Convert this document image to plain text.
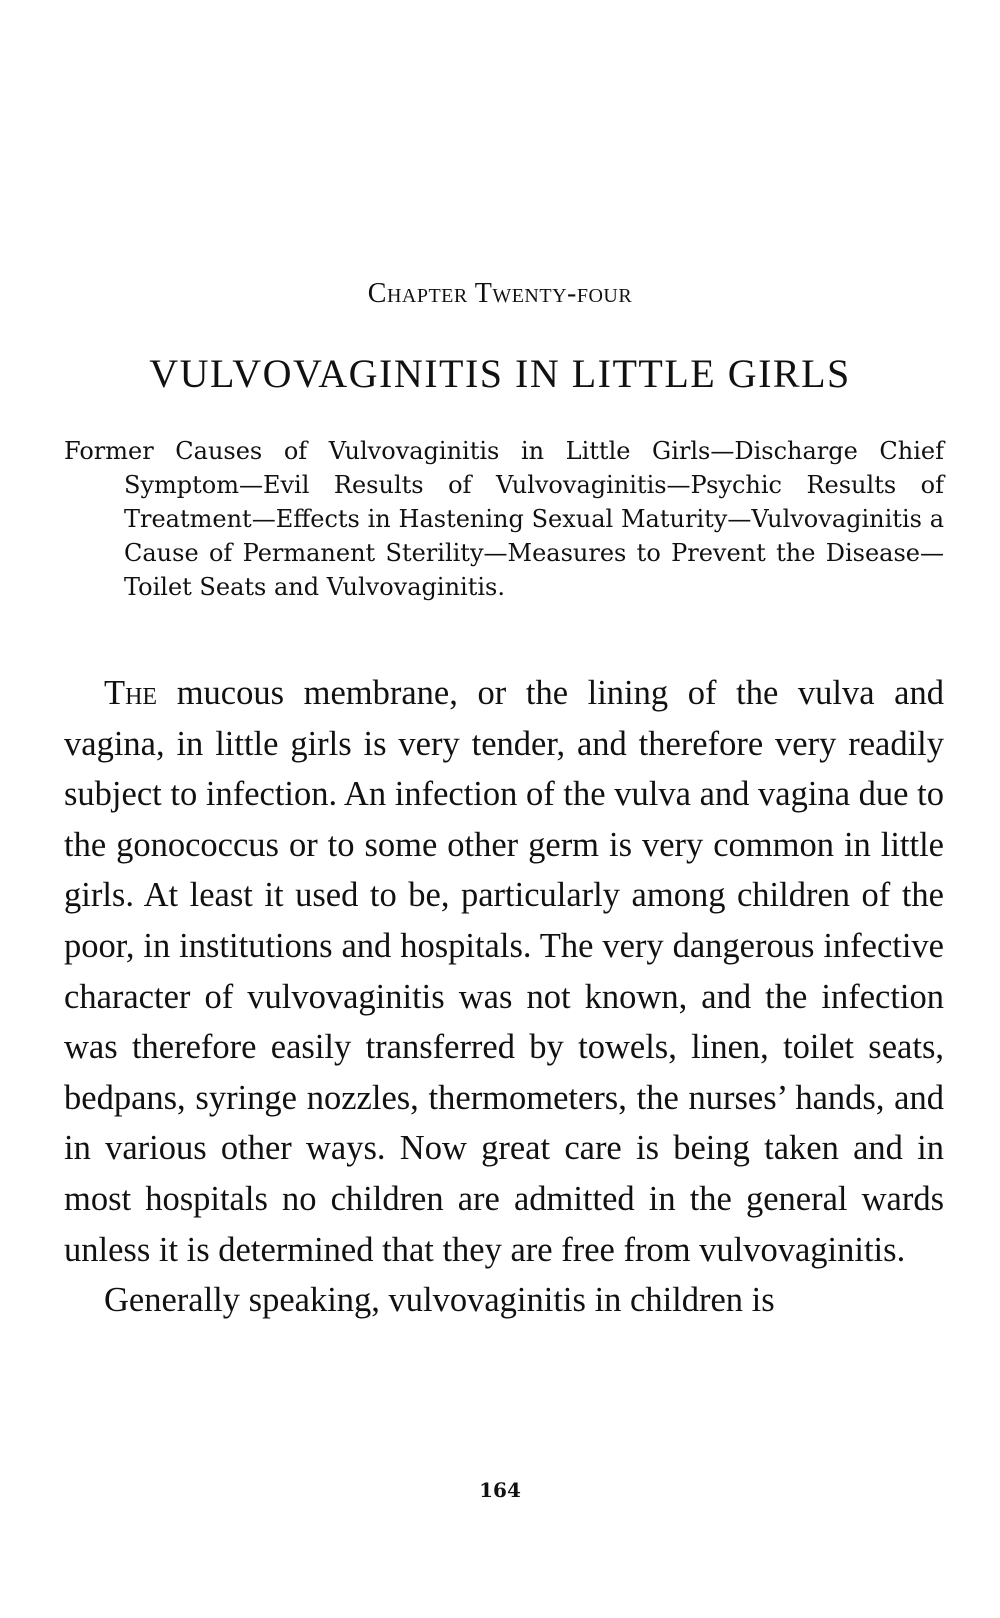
Chapter Twenty-four
VULVOVAGINITIS IN LITTLE GIRLS
Former Causes of Vulvovaginitis in Little Girls—Discharge Chief Symptom—Evil Results of Vulvovaginitis—Psychic Results of Treatment—Effects in Hastening Sexual Maturity—Vulvovaginitis a Cause of Permanent Sterility—Measures to Prevent the Disease—Toilet Seats and Vulvovaginitis.

The mucous membrane, or the lining of the vulva and vagina, in little girls is very tender, and therefore very readily subject to infection. An infection of the vulva and vagina due to the gonococcus or to some other germ is very common in little girls. At least it used to be, particularly among children of the poor, in institutions and hospitals. The very dangerous infective character of vulvovaginitis was not known, and the infection was therefore easily transferred by towels, linen, toilet seats, bedpans, syringe nozzles, thermometers, the nurses’ hands, and in various other ways. Now great care is being taken and in most hospitals no children are admitted in the general wards unless it is determined that they are free from vulvovaginitis.

Generally speaking, vulvovaginitis in children is

164
